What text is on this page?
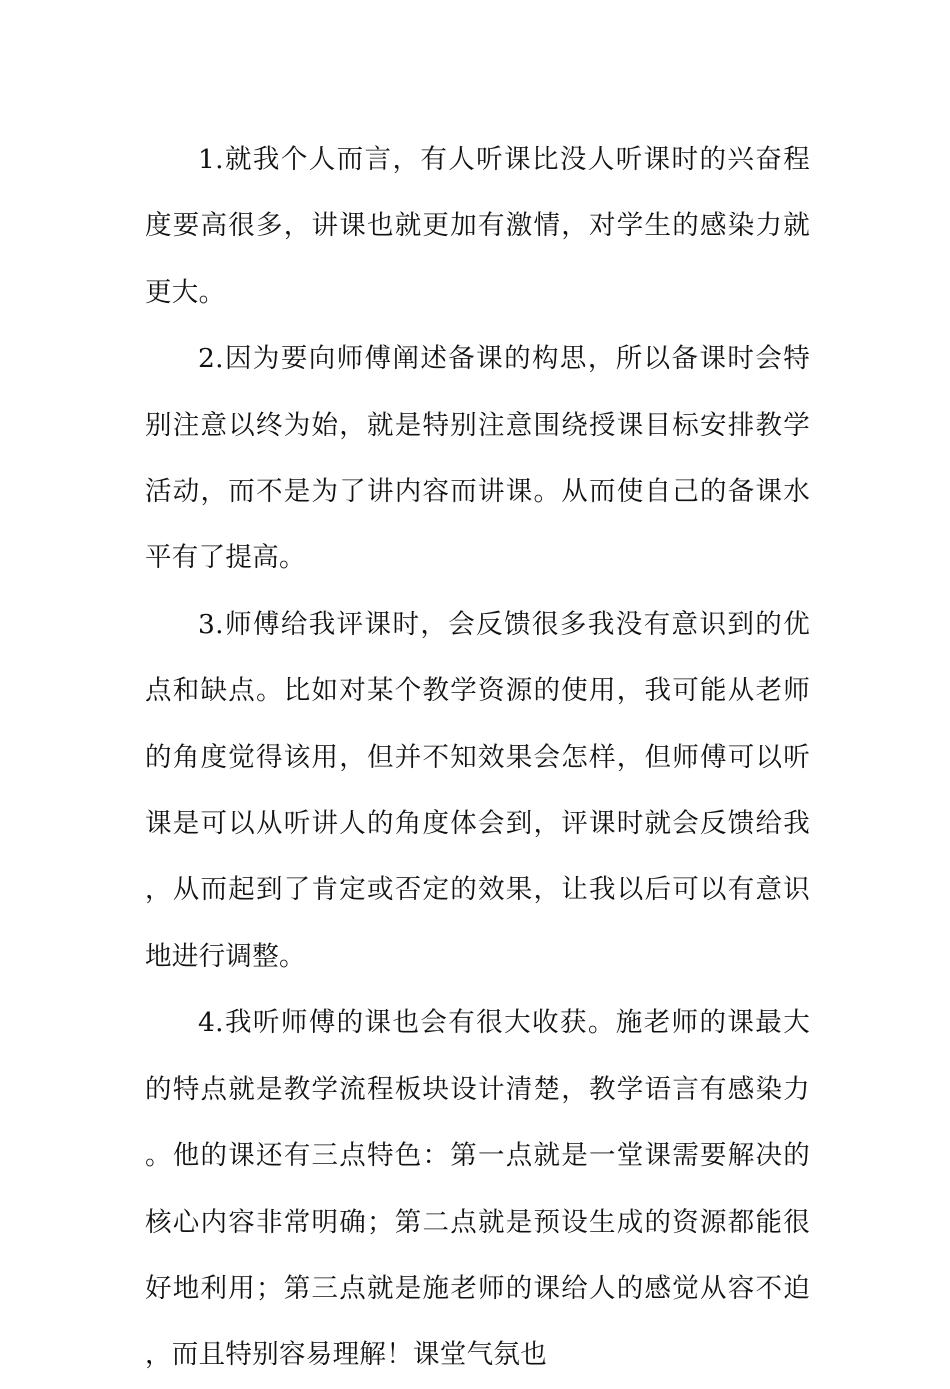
1.就我个人而言，有人听课比没人听课时的兴奋程度要高很多，讲课也就更加有激情，对学生的感染力就更大。

2.因为要向师傅阐述备课的构思，所以备课时会特别注意以终为始，就是特别注意围绕授课目标安排教学活动，而不是为了讲内容而讲课。从而使自己的备课水平有了提高。

3.师傅给我评课时，会反馈很多我没有意识到的优点和缺点。比如对某个教学资源的使用，我可能从老师的角度觉得该用，但并不知效果会怎样，但师傅可以听课是可以从听讲人的角度体会到，评课时就会反馈给我，从而起到了肯定或否定的效果，让我以后可以有意识地进行调整。

4.我听师傅的课也会有很大收获。施老师的课最大的特点就是教学流程板块设计清楚，教学语言有感染力。他的课还有三点特色：第一点就是一堂课需要解决的核心内容非常明确；第二点就是预设生成的资源都能很好地利用；第三点就是施老师的课给人的感觉从容不迫，而且特别容易理解！课堂气氛也
